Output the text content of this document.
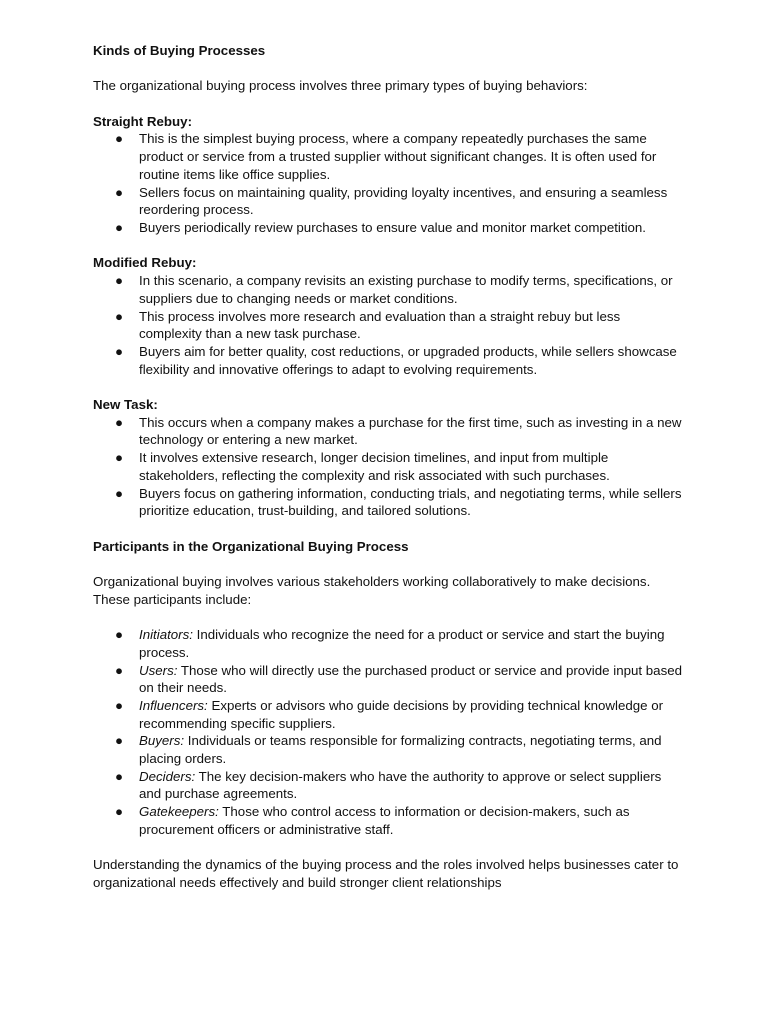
Kinds of Buying Processes

The organizational buying process involves three primary types of buying behaviors:

Straight Rebuy:

● This is the simplest buying process, where a company repeatedly purchases the same product or service from a trusted supplier without significant changes. It is often used for routine items like office supplies.
● Sellers focus on maintaining quality, providing loyalty incentives, and ensuring a seamless reordering process.
● Buyers periodically review purchases to ensure value and monitor market competition.

Modified Rebuy:

● In this scenario, a company revisits an existing purchase to modify terms, specifications, or suppliers due to changing needs or market conditions.
● This process involves more research and evaluation than a straight rebuy but less complexity than a new task purchase.
● Buyers aim for better quality, cost reductions, or upgraded products, while sellers showcase flexibility and innovative offerings to adapt to evolving requirements.

New Task:

● This occurs when a company makes a purchase for the first time, such as investing in a new technology or entering a new market.
● It involves extensive research, longer decision timelines, and input from multiple stakeholders, reflecting the complexity and risk associated with such purchases.
● Buyers focus on gathering information, conducting trials, and negotiating terms, while sellers prioritize education, trust-building, and tailored solutions.

Participants in the Organizational Buying Process

Organizational buying involves various stakeholders working collaboratively to make decisions. These participants include:

● Initiators: Individuals who recognize the need for a product or service and start the buying process.
● Users: Those who will directly use the purchased product or service and provide input based on their needs.
● Influencers: Experts or advisors who guide decisions by providing technical knowledge or recommending specific suppliers.
● Buyers: Individuals or teams responsible for formalizing contracts, negotiating terms, and placing orders.
● Deciders: The key decision-makers who have the authority to approve or select suppliers and purchase agreements.
● Gatekeepers: Those who control access to information or decision-makers, such as procurement officers or administrative staff.

Understanding the dynamics of the buying process and the roles involved helps businesses cater to organizational needs effectively and build stronger client relationships
